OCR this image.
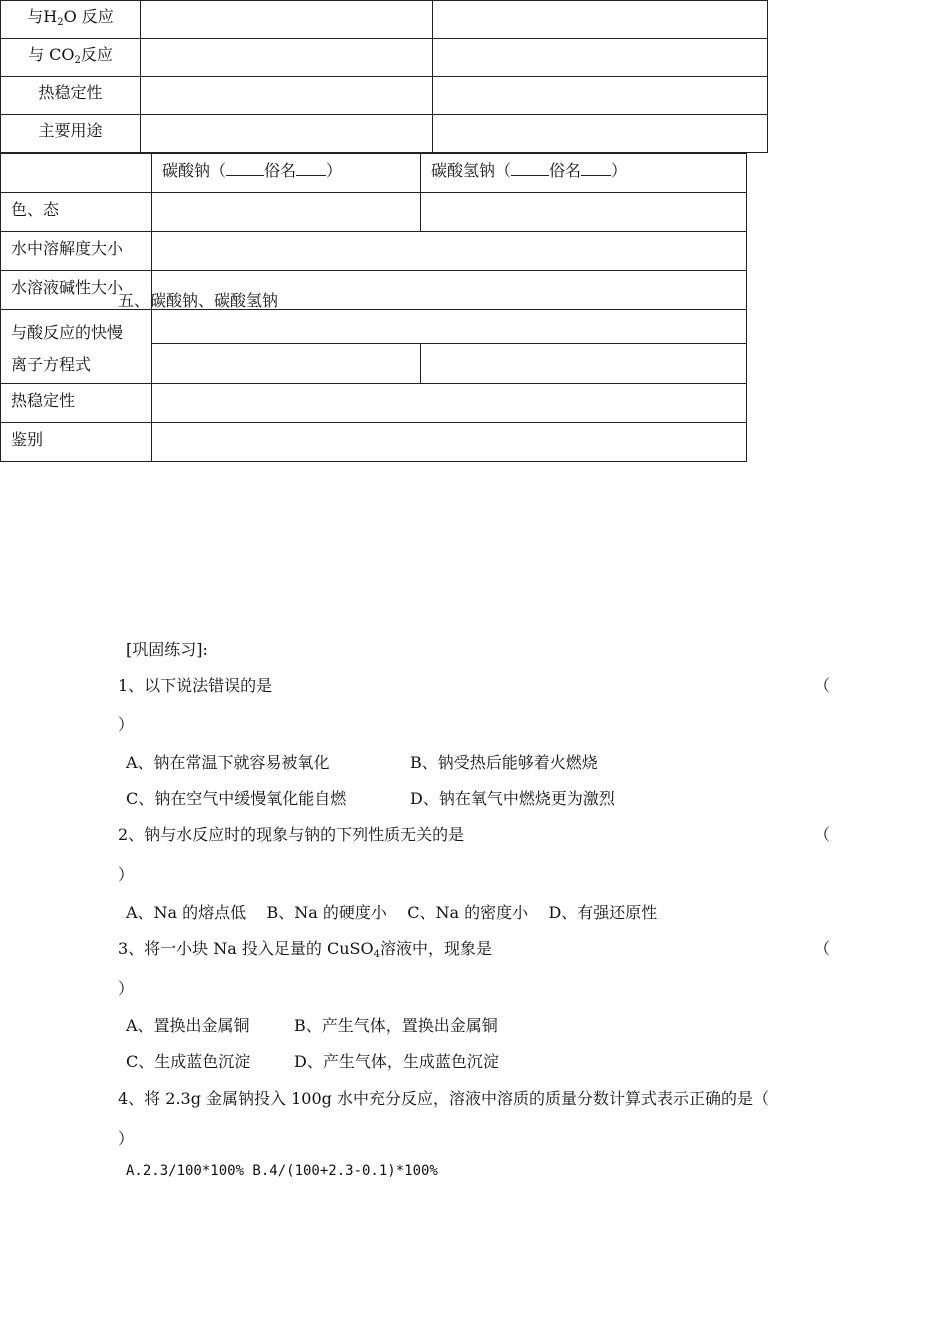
与$H_2O$ 反应		
与 $CO_2$反应		
热稳定性		
主要用途		
五、碳酸钠、碳酸氢钠
	碳酸钠（ 俗名 ）	碳酸氢钠（ 俗名 ）
色、态		
水中溶解度大小		
水溶液碱性大小		

与酸反应的快慢
离子方程式		

热稳定性		
鉴别		
[巩固练习]:
1、以下说法错误的是	（
）
A、钠在常温下就容易被氧化	B、钠受热后能够着火燃烧
C、钠在空气中缓慢氧化能自燃	D、钠在氧气中燃烧更为激烈
2、钠与水反应时的现象与钠的下列性质无关的是	（
）
A、Na 的熔点低    B、Na 的硬度小    C、Na 的密度小    D、有强还原性
3、将一小块 Na 投入足量的 CuSO$_4$溶液中，现象是	（
）
A、置换出金属铜	B、产生气体，置换出金属铜
C、生成蓝色沉淀	D、产生气体，生成蓝色沉淀
4、将 2.3g 金属钠投入 100g 水中充分反应，溶液中溶质的质量分数计算式表示正确的是（
）
A.2.3/100*100% B.4/(100+2.3-0.1)*100%
